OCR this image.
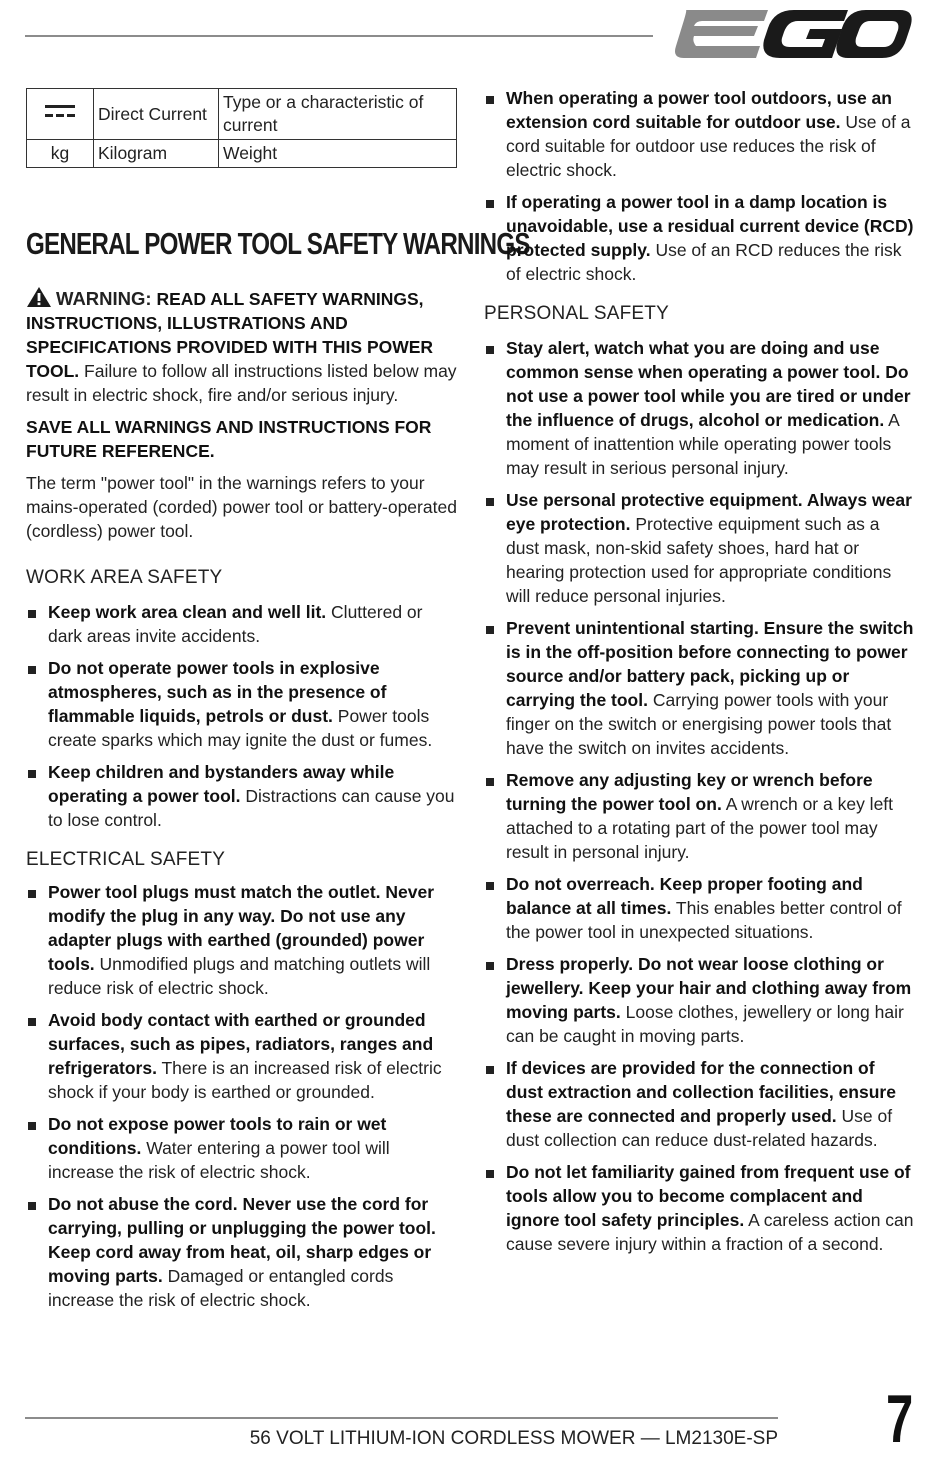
	Direct Current	Type or a characteristic of current
kg	Kilogram	Weight
GENERAL POWER TOOL SAFETY WARNINGS
WARNING: READ ALL SAFETY WARNINGS, INSTRUCTIONS, ILLUSTRATIONS AND SPECIFICATIONS PROVIDED WITH THIS POWER TOOL. Failure to follow all instructions listed below may result in electric shock, fire and/or serious injury.
SAVE ALL WARNINGS AND INSTRUCTIONS FOR FUTURE REFERENCE.
The term "power tool" in the warnings refers to your mains-operated (corded) power tool or battery-operated (cordless) power tool.
WORK AREA SAFETY
Keep work area clean and well lit. Cluttered or dark areas invite accidents.
Do not operate power tools in explosive atmospheres, such as in the presence of flammable liquids, petrols or dust. Power tools create sparks which may ignite the dust or fumes.
Keep children and bystanders away while operating a power tool. Distractions can cause you to lose control.
ELECTRICAL SAFETY
Power tool plugs must match the outlet. Never modify the plug in any way. Do not use any adapter plugs with earthed (grounded) power tools. Unmodified plugs and matching outlets will reduce risk of electric shock.
Avoid body contact with earthed or grounded surfaces, such as pipes, radiators, ranges and refrigerators. There is an increased risk of electric shock if your body is earthed or grounded.
Do not expose power tools to rain or wet conditions. Water entering a power tool will increase the risk of electric shock.
Do not abuse the cord. Never use the cord for carrying, pulling or unplugging the power tool. Keep cord away from heat, oil, sharp edges or moving parts. Damaged or entangled cords increase the risk of electric shock.
When operating a power tool outdoors, use an extension cord suitable for outdoor use. Use of a cord suitable for outdoor use reduces the risk of electric shock.
If operating a power tool in a damp location is unavoidable, use a residual current device (RCD) protected supply. Use of an RCD reduces the risk of electric shock.
PERSONAL SAFETY
Stay alert, watch what you are doing and use common sense when operating a power tool. Do not use a power tool while you are tired or under the influence of drugs, alcohol or medication. A moment of inattention while operating power tools may result in serious personal injury.
Use personal protective equipment. Always wear eye protection. Protective equipment such as a dust mask, non-skid safety shoes, hard hat or hearing protection used for appropriate conditions will reduce personal injuries.
Prevent unintentional starting. Ensure the switch is in the off-position before connecting to power source and/or battery pack, picking up or carrying the tool. Carrying power tools with your finger on the switch or energising power tools that have the switch on invites accidents.
Remove any adjusting key or wrench before turning the power tool on. A wrench or a key left attached to a rotating part of the power tool may result in personal injury.
Do not overreach. Keep proper footing and balance at all times. This enables better control of the power tool in unexpected situations.
Dress properly. Do not wear loose clothing or jewellery. Keep your hair and clothing away from moving parts. Loose clothes, jewellery or long hair can be caught in moving parts.
If devices are provided for the connection of dust extraction and collection facilities, ensure these are connected and properly used. Use of dust collection can reduce dust-related hazards.
Do not let familiarity gained from frequent use of tools allow you to become complacent and ignore tool safety principles. A careless action can cause severe injury within a fraction of a second.
56 VOLT LITHIUM-ION CORDLESS MOWER — LM2130E-SP 7
